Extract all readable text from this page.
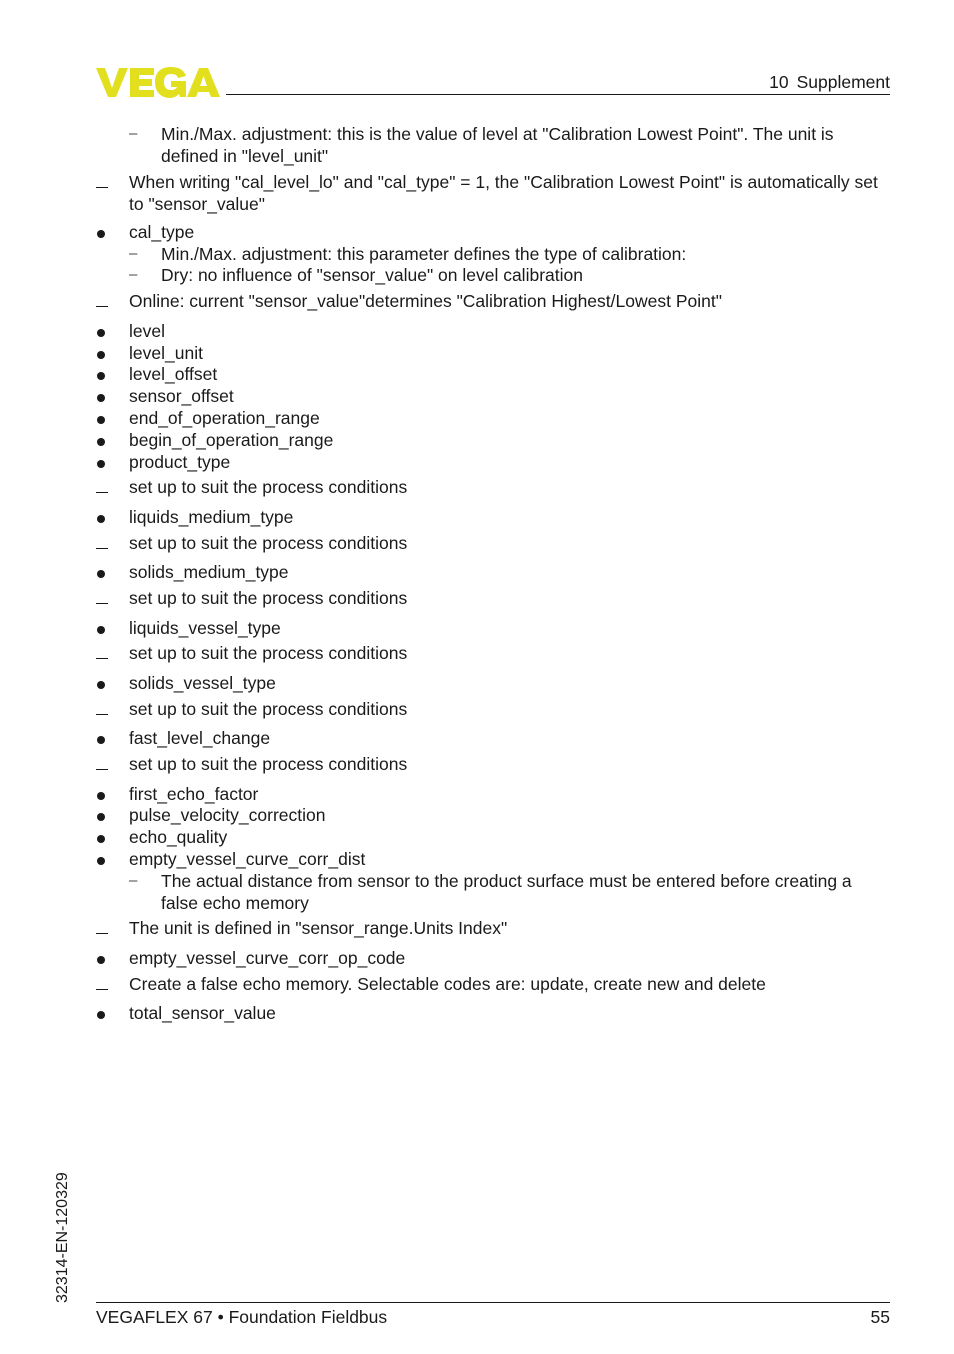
10 Supplement
–	Min./Max. adjustment: this is the value of level at "Calibration Lowest Point". The unit is defined in "level_unit"
When writing "cal_level_lo" and "cal_type" = 1, the "Calibration Lowest Point" is automatically set to "sensor_value"
cal_type
–	Min./Max. adjustment: this parameter defines the type of calibration:
–	Dry: no influence of "sensor_value" on level calibration
Online: current "sensor_value"determines "Calibration Highest/Lowest Point"
level
level_unit
level_offset
sensor_offset
end_of_operation_range
begin_of_operation_range
product_type
set up to suit the process conditions
liquids_medium_type
set up to suit the process conditions
solids_medium_type
set up to suit the process conditions
liquids_vessel_type
set up to suit the process conditions
solids_vessel_type
set up to suit the process conditions
fast_level_change
set up to suit the process conditions
first_echo_factor
pulse_velocity_correction
echo_quality
empty_vessel_curve_corr_dist
–	The actual distance from sensor to the product surface must be entered before creating a false echo memory
The unit is defined in "sensor_range.Units Index"
empty_vessel_curve_corr_op_code
Create a false echo memory. Selectable codes are: update, create new and delete
total_sensor_value
32314-EN-120329
VEGAFLEX 67 • Foundation Fieldbus	55
